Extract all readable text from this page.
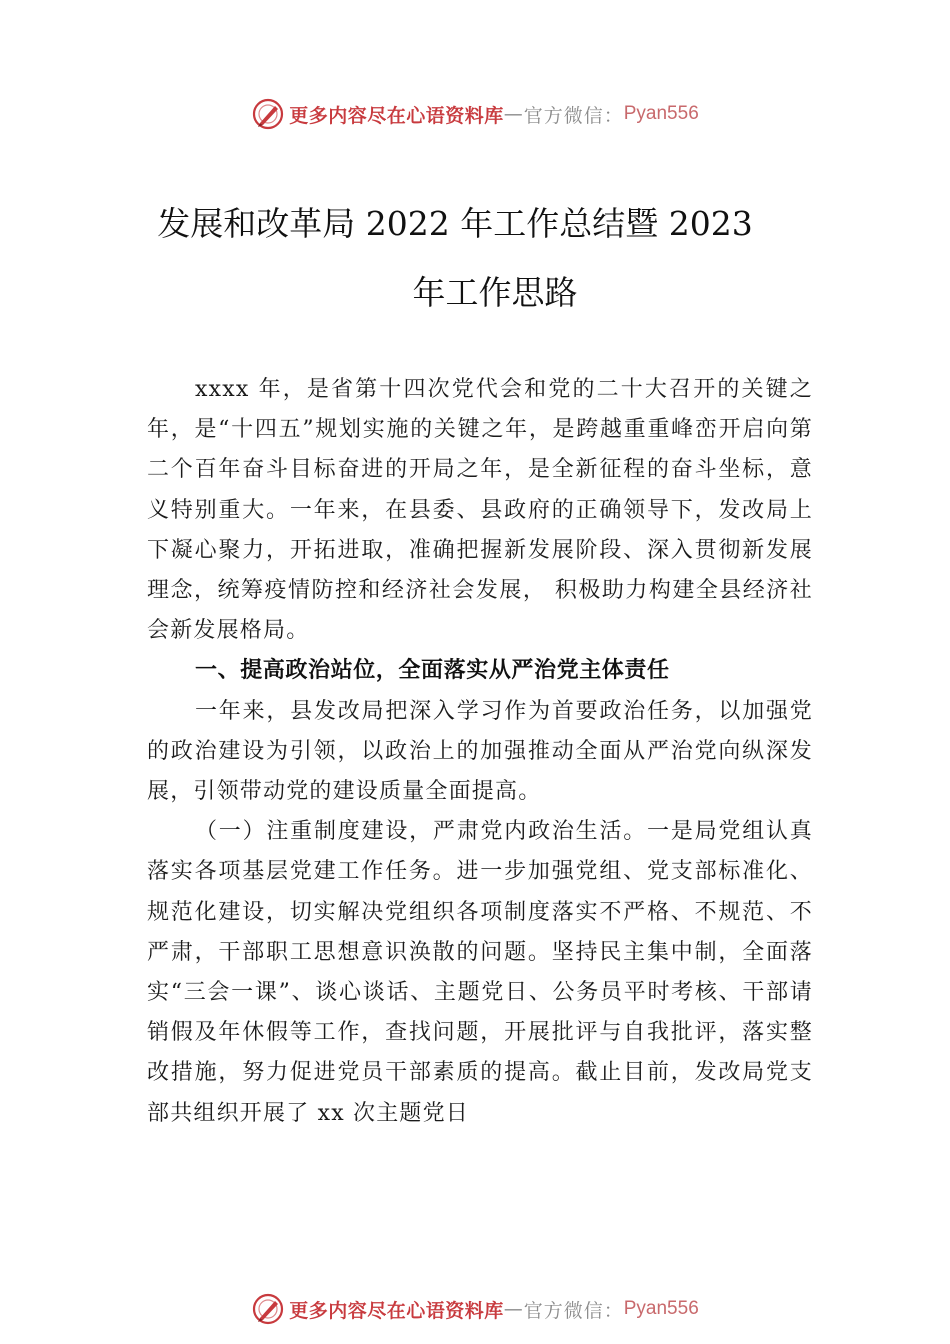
更多内容尽在心语资料库 — 官方微信： Pyan556
发展和改革局 2022 年工作总结暨 2023
年工作思路

xxxx 年，是省第十四次党代会和党的二十大召开的关键之年，是“十四五”规划实施的关键之年，是跨越重重峰峦开启向第二个百年奋斗目标奋进的开局之年，是全新征程的奋斗坐标，意义特别重大。一年来，在县委、县政府的正确领导下，发改局上下凝心聚力，开拓进取，准确把握新发展阶段、深入贯彻新发展理念，统筹疫情防控和经济社会发展， 积极助力构建全县经济社会新发展格局。

一、提高政治站位，全面落实从严治党主体责任

一年来，县发改局把深入学习作为首要政治任务，以加强党的政治建设为引领，以政治上的加强推动全面从严治党向纵深发展，引领带动党的建设质量全面提高。

（一）注重制度建设，严肃党内政治生活。一是局党组认真落实各项基层党建工作任务。进一步加强党组、党支部标准化、规范化建设，切实解决党组织各项制度落实不严格、不规范、不严肃，干部职工思想意识涣散的问题。坚持民主集中制，全面落实“三会一课”、谈心谈话、主题党日、公务员平时考核、干部请销假及年休假等工作，查找问题，开展批评与自我批评，落实整改措施，努力促进党员干部素质的提高。截止目前，发改局党支部共组织开展了 xx 次主题党日

更多内容尽在心语资料库 — 官方微信： Pyan556
